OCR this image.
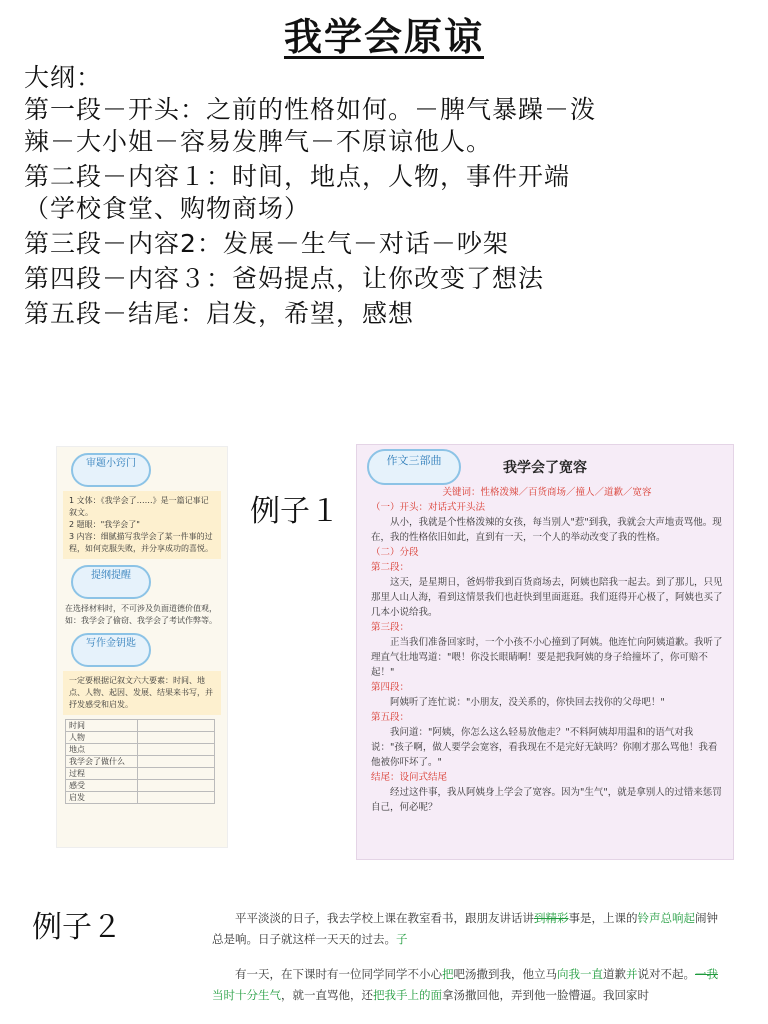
我学会原谅

大纲：

第一段－开头：之前的性格如何。－脾气暴躁－泼

辣－大小姐－容易发脾气－不原谅他人。

第二段－内容１：时间，地点，人物，事件开端

（学校食堂、购物商场）

第三段－内容2：发展－生气－对话－吵架

第四段－内容３：爸妈提点，让你改变了想法

第五段－结尾：启发，希望，感想

审题小窍门
1 文体：《我学会了……》是一篇记事记叙文。
2 题眼："我学会了"
3 内容：细腻描写我学会了某一件事的过程，如何克服失败，并分享成功的喜悦。
提纲提醒
在选择材料时，不可涉及负面道德价值观，如：我学会了偷窃、我学会了考试作弊等。
写作金钥匙
一定要根据记叙文六大要素：时间、地点、人物、起因、发展、结果来书写，并抒发感受和启发。
时间	
人物	
地点	
我学会了做什么	
过程	
感受	
启发	
例子１
作文三部曲	我学会了宽容

关键词：性格泼辣／百货商场／撞人／道歉／宽容

（一）开头：对话式开头法

从小，我就是个性格泼辣的女孩，每当别人"惹"到我，我就会大声地责骂他。现在，我的性格依旧如此，直到有一天，一个人的举动改变了我的性格。

（二）分段

第二段：

这天，是星期日，爸妈带我到百货商场去，阿姨也陪我一起去。到了那儿，只见那里人山人海，看到这情景我们也赶快到里面逛逛。我们逛得开心极了，阿姨也买了几本小说给我。

第三段：

正当我们准备回家时，一个小孩不小心撞到了阿姨。他连忙向阿姨道歉。我听了理直气壮地骂道："喂！你没长眼睛啊！要是把我阿姨的身子给撞坏了，你可赔不起！"

第四段：

阿姨听了连忙说："小朋友，没关系的，你快回去找你的父母吧！"

第五段：

我问道："阿姨，你怎么这么轻易放他走？"不料阿姨却用温和的语气对我说："孩子啊，做人要学会宽容，看我现在不是完好无缺吗？你刚才那么骂他！我看他被你吓坏了。"

结尾：设问式结尾

经过这件事，我从阿姨身上学会了宽容。因为"生气"，就是拿别人的过错来惩罚自己，何必呢？

例子２	平平淡淡的日子，我去学校上课在教室看书，跟朋友讲话讲到精彩事是，上课的铃声总响起闹钟总是响。日子就这样一天天的过去。子

有一天，在下课时有一位同学同学不小心把吧汤撒到我，他立马向我一直道歉并说对不起。一我当时十分生气，就一直骂他，还把我手上的面拿汤撒回他，弄到他一脸懵逼。我回家时
